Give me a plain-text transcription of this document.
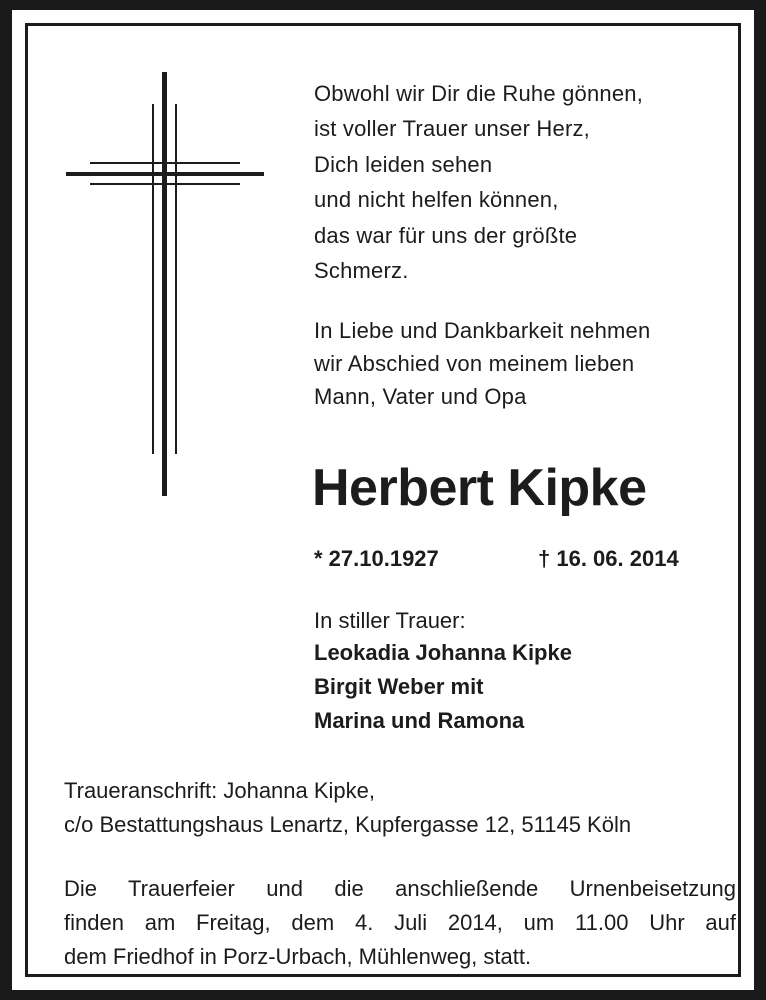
Obwohl wir Dir die Ruhe gönnen,
ist voller Trauer unser Herz,
Dich leiden sehen
und nicht helfen können,
das war für uns der größte
Schmerz.
In Liebe und Dankbarkeit nehmen
wir Abschied von meinem lieben
Mann, Vater und Opa
Herbert Kipke
* 27.10.1927	† 16. 06. 2014
In stiller Trauer:
Leokadia Johanna Kipke
Birgit Weber mit
Marina und Ramona
Traueranschrift: Johanna Kipke,
c/o Bestattungshaus Lenartz, Kupfergasse 12, 51145 Köln
Die Trauerfeier und die anschließende Urnenbeisetzung
finden am Freitag, dem 4. Juli 2014, um 11.00 Uhr auf
dem Friedhof in Porz-Urbach, Mühlenweg, statt.
